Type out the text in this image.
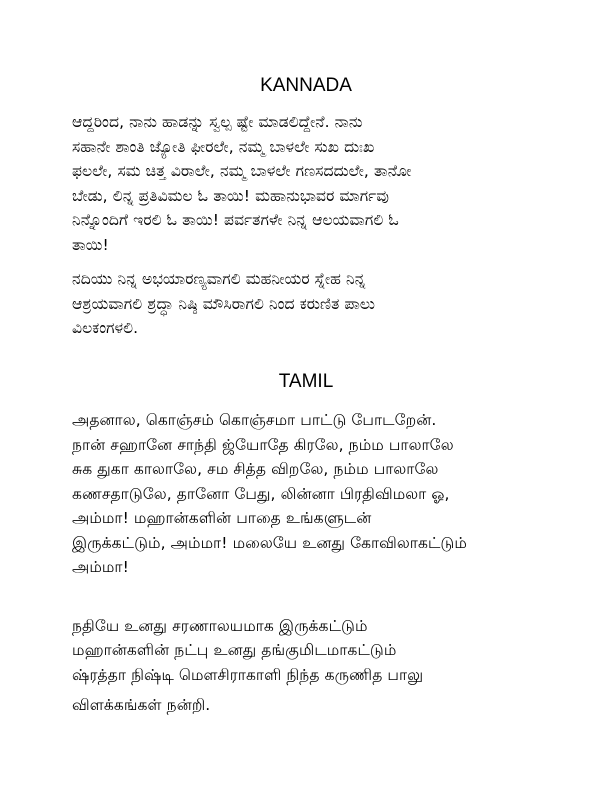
KANNADA

ಆದ್ದರಿಂದ, ನಾನು ಹಾಡನ್ನು ಸ್ವಲ್ಪ ಷ್ಟೇ ಮಾಡಲಿದ್ದೇನೆ. ನಾನು
ಸಹಾನೇ ಶಾಂತಿ ಜ್ಯೋತಿ ಫೀರಲೇ, ನಮ್ಮ ಬಾಳಲೇ ಸುಖ ದುಃಖ
ಫಲಲೇ, ಸಮ ಚಿತ್ತ ವಿರಾಲೇ, ನಮ್ಮ ಬಾಳಲೇ ಗಣಸದದುಲೇ, ತಾನೋ
ಬೇಡು, ಲಿನ್ನ ಪ್ರತಿವಿಮಲ ಓ ತಾಯಿ! ಮಹಾನುಭಾವರ ಮಾರ್ಗವು
ನಿನ್ನೊಂದಿಗೆ ಇರಲಿ ಓ ತಾಯಿ! ಪರ್ವತಗಳೇ ನಿನ್ನ ಆಲಯವಾಗಲಿ ಓ
ತಾಯಿ!

ನದಿಯು ನಿನ್ನ ಅಭಯಾರಣ್ಯವಾಗಲಿ ಮಹನೀಯರ ಸ್ನೇಹ ನಿನ್ನ
ಆಶ್ರಯವಾಗಲಿ ಶ್ರದ್ಧಾ ನಿಷ್ಠಿ ಮೌಸಿರಾಗಲಿ ನಿಂದ ಕರುಣಿತ ಪಾಲು
ವಿಲಕಂಗಳಲಿ.

TAMIL

அதனால, கொஞ்சம் கொஞ்சமா பாட்டு போடறேன்.
நான் சஹானே சாந்தி ஜ்யோதே கிரலே, நம்ம பாலாலே
சுக துகா காலாலே, சம சித்த விறலே, நம்ம பாலாலே
கணசதாடுலே, தானோ பேது, லின்னா பிரதிவிமலா ஓ,
அம்மா! மஹான்களின் பாதை உங்களுடன்
இருக்கட்டும், அம்மா! மலையே உனது கோவிலாகட்டும்
அம்மா!

நதியே உனது சரணாலயமாக இருக்கட்டும்
மஹான்களின் நட்பு உனது தங்குமிடமாகட்டும்
ஷ்ரத்தா நிஷ்டி மௌசிராகாளி நிந்த கருணித பாலு
விளக்கங்கள் நன்றி.
